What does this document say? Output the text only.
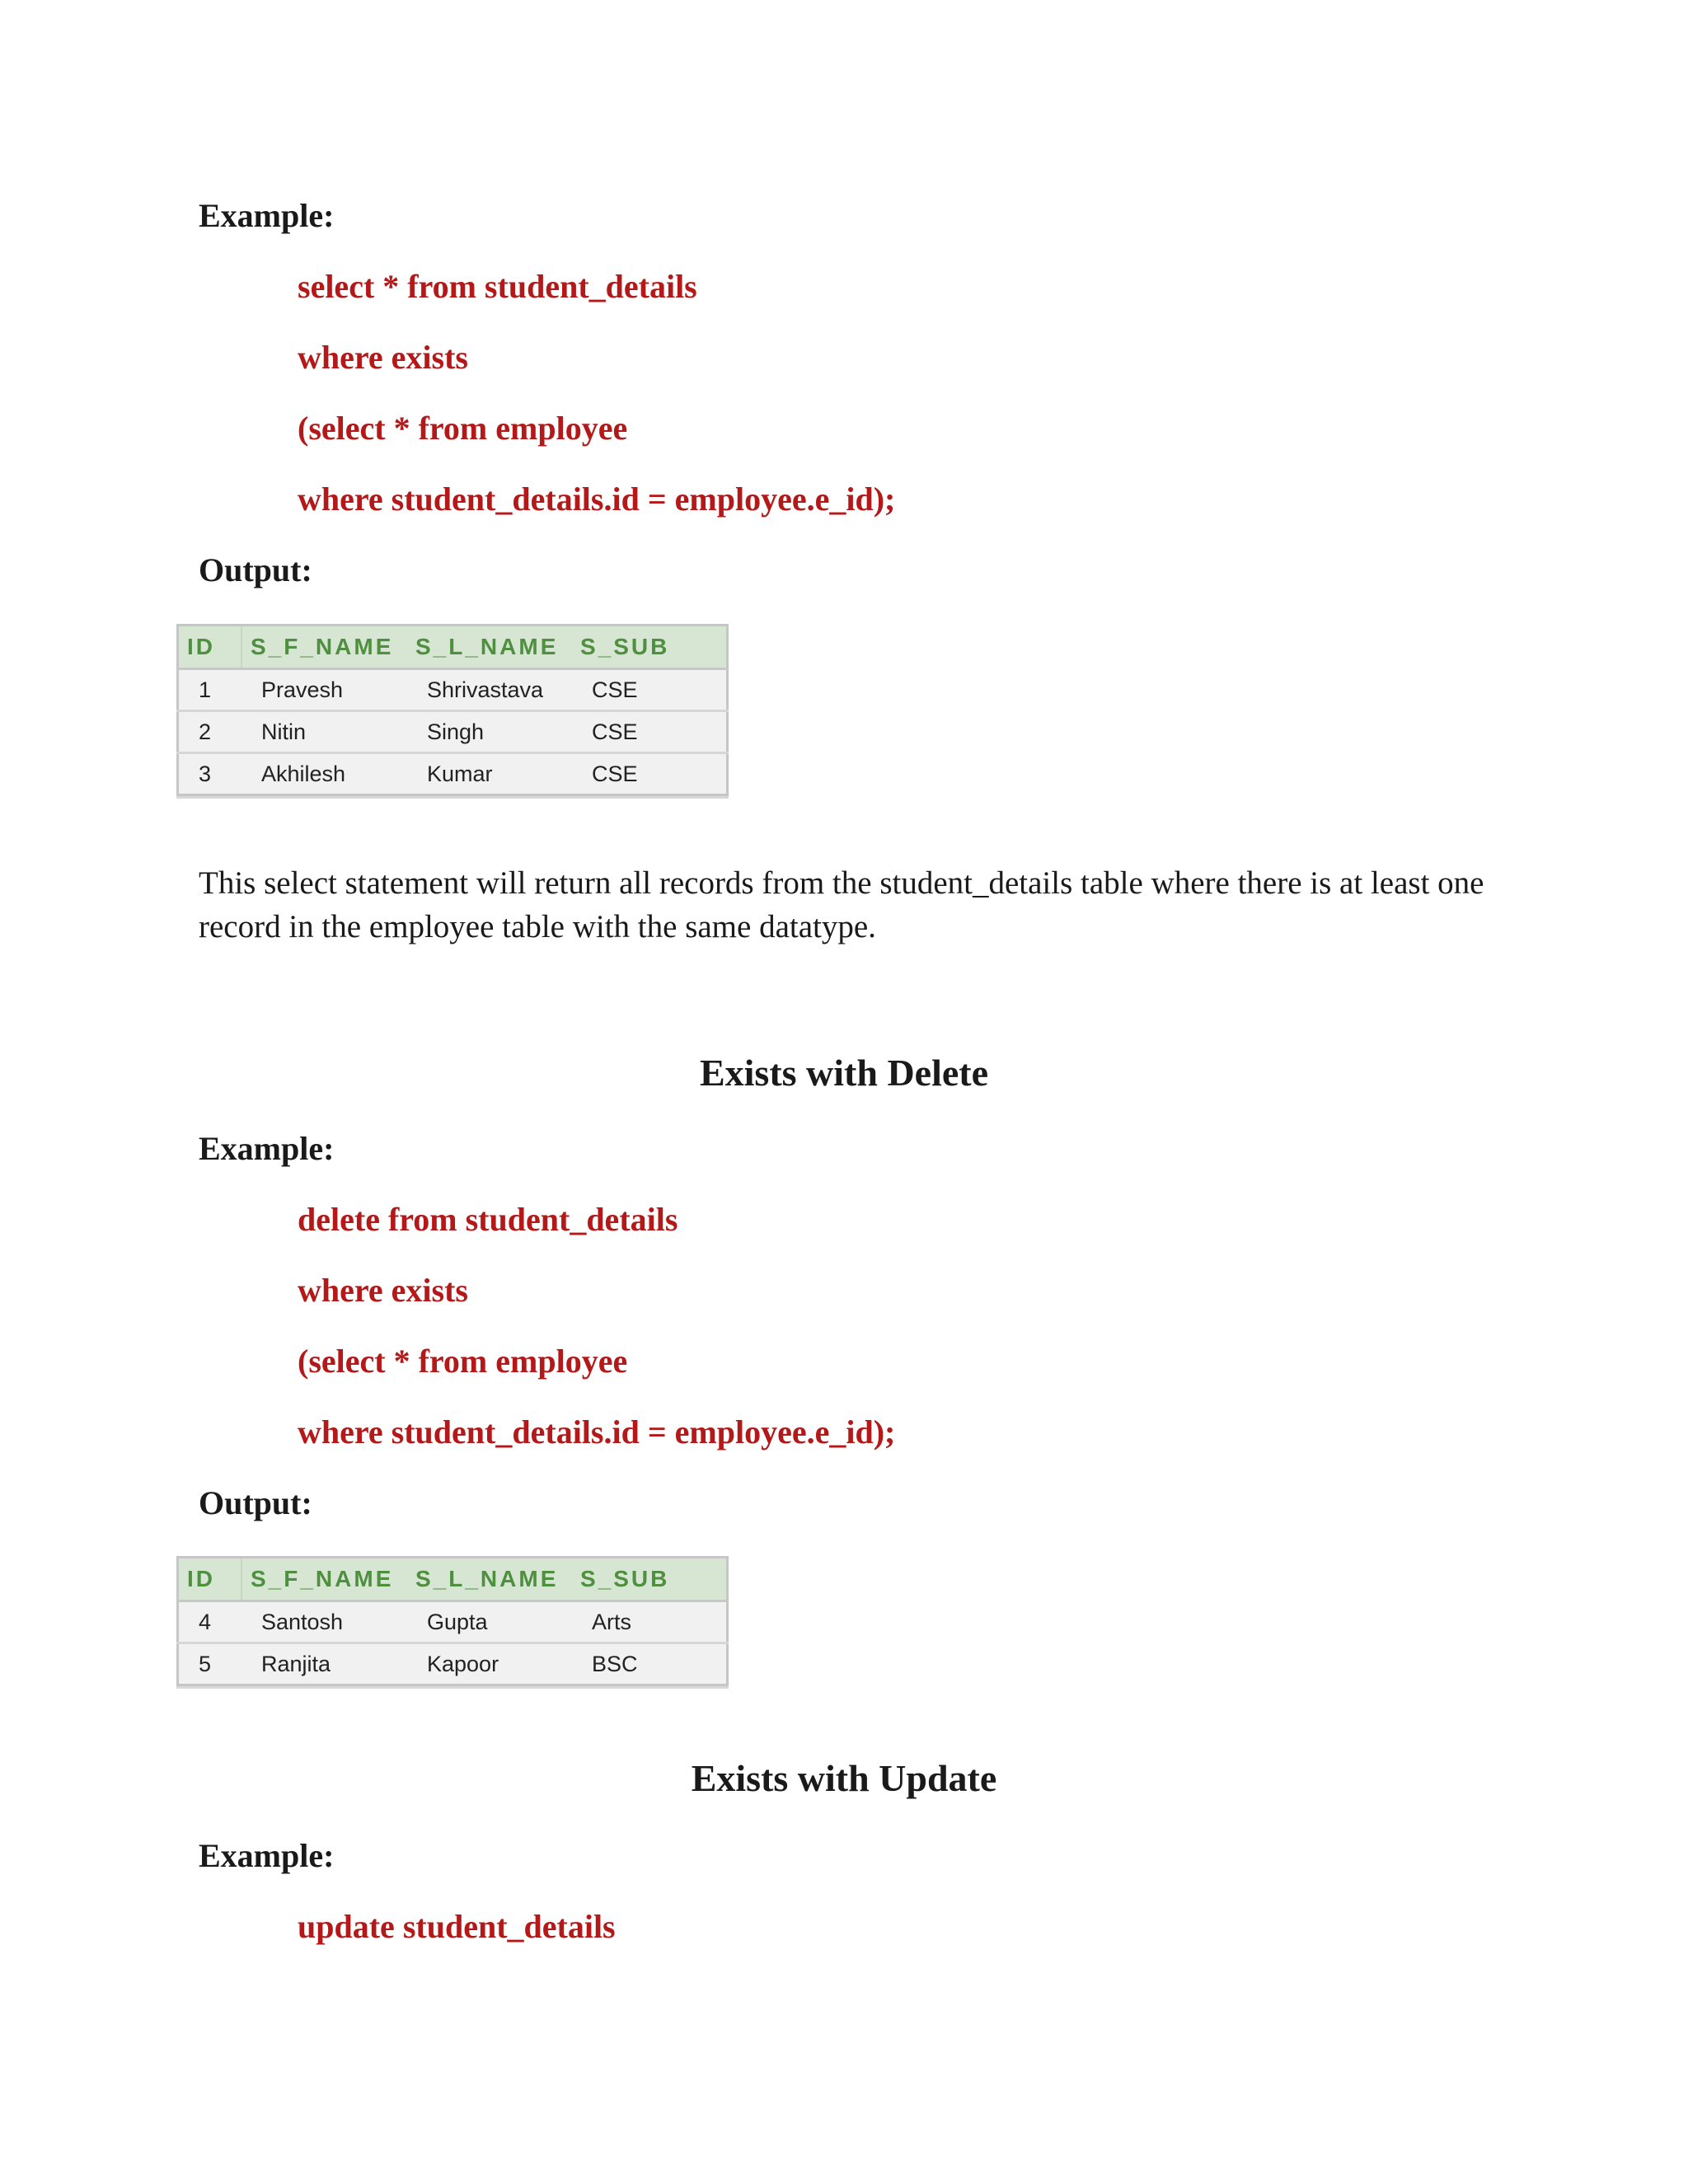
Example:

select * from student_details

where exists

(select * from employee

where student_details.id = employee.e_id);

Output:

ID	S_F_NAME	S_L_NAME	S_SUB
1	Pravesh	Shrivastava	CSE
2	Nitin	Singh	CSE
3	Akhilesh	Kumar	CSE

This select statement will return all records from the student_details table where there is at least one record in the employee table with the same datatype.

Exists with Delete

Example:

delete from student_details

where exists

(select * from employee

where student_details.id = employee.e_id);

Output:

ID	S_F_NAME	S_L_NAME	S_SUB
4	Santosh	Gupta	Arts
5	Ranjita	Kapoor	BSC
Exists with Update

Example:

update student_details
